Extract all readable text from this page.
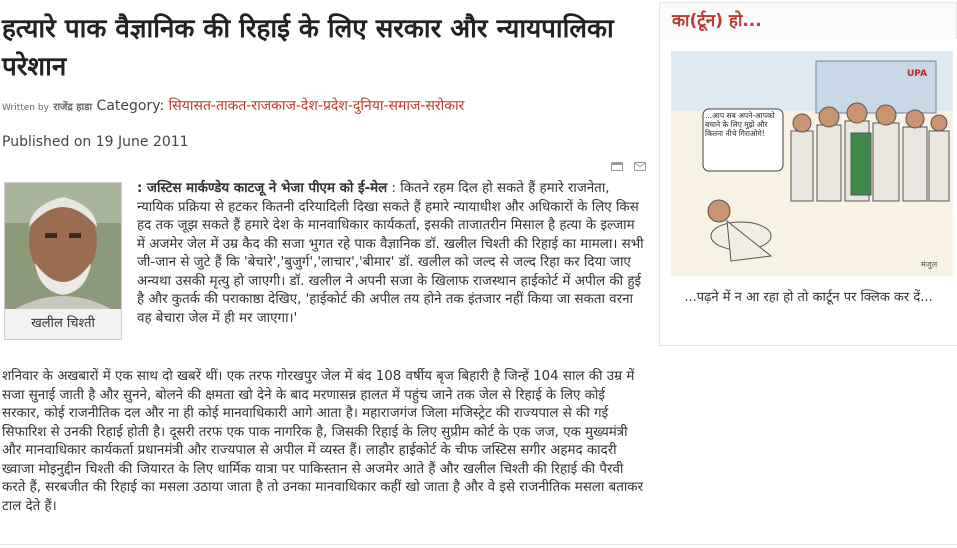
हत्यारे पाक वैज्ञानिक की रिहाई के लिए सरकार और न्यायपालिका परेशान
Written by राजेंद्र हाडा Category: सियासत-ताकत-राजकाज-देश-प्रदेश-दुनिया-समाज-सरोकार
Published on 19 June 2011

खलील चिश्ती

: जस्टिस मार्कण्डेय काटजू ने भेजा पीएम को ई-मेल : कितने रहम दिल हो सकते हैं हमारे राजनेता, न्यायिक प्रक्रिया से हटकर कितनी दरियादिली दिखा सकते हैं हमारे न्यायाधीश और अधिकारों के लिए किस हद तक जूझ सकते हैं हमारे देश के मानवाधिकार कार्यकर्ता, इसकी ताजातरीन मिसाल है हत्या के इल्जाम में अजमेर जेल में उम्र कैद की सजा भुगत रहे पाक वैज्ञानिक डॉ. खलील चिश्ती की रिहाई का मामला। सभी जी-जान से जुटे हैं कि 'बेचारे','बुजुर्ग','लाचार','बीमार' डॉ. खलील को जल्द से जल्द रिहा कर दिया जाए अन्यथा उसकी मृत्यु हो जाएगी। डॉ. खलील ने अपनी सजा के खिलाफ राजस्थान हाईकोर्ट में अपील की हुई है और कुतर्क की पराकाष्ठा देखिए, 'हाईकोर्ट की अपील तय होने तक इंतजार नहीं किया जा सकता वरना वह बेचारा जेल में ही मर जाएगा।'

शनिवार के अखबारों में एक साथ दो खबरें थीं। एक तरफ गोरखपुर जेल में बंद 108 वर्षीय बृज बिहारी है जिन्हें 104 साल की उम्र में सजा सुनाई जाती है और सुनने, बोलने की क्षमता खो देने के बाद मरणासन्न हालत में पहुंच जाने तक जेल से रिहाई के लिए कोई सरकार, कोई राजनीतिक दल और ना ही कोई मानवाधिकारी आगे आता है। महाराजगंज जिला मजिस्ट्रेट की राज्यपाल से की गई सिफारिश से उनकी रिहाई होती है। दूसरी तरफ एक पाक नागरिक है, जिसकी रिहाई के लिए सुप्रीम कोर्ट के एक जज, एक मुख्यमंत्री और मानवाधिकार कार्यकर्ता प्रधानमंत्री और राज्यपाल से अपील में व्यस्त हैं। लाहौर हाईकोर्ट के चीफ जस्टिस सगीर अहमद कादरी ख्वाजा मोइनुद्दीन चिश्ती की जियारत के लिए धार्मिक यात्रा पर पाकिस्तान से अजमेर आते हैं और खलील चिश्ती की रिहाई की पैरवी करते हैं, सरबजीत की रिहाई का मसला उठाया जाता है तो उनका मानवाधिकार कहीं खो जाता है और वे इसे राजनीतिक मसला बताकर टाल देते हैं।

का(र्टून) हो...
UPA
...आप सब अपने-आपको बचाने के लिए मुझे और कितना नीचे गिराओगे!
मंजुल
...पढ़ने में न आ रहा हो तो कार्टून पर क्लिक कर दें...
